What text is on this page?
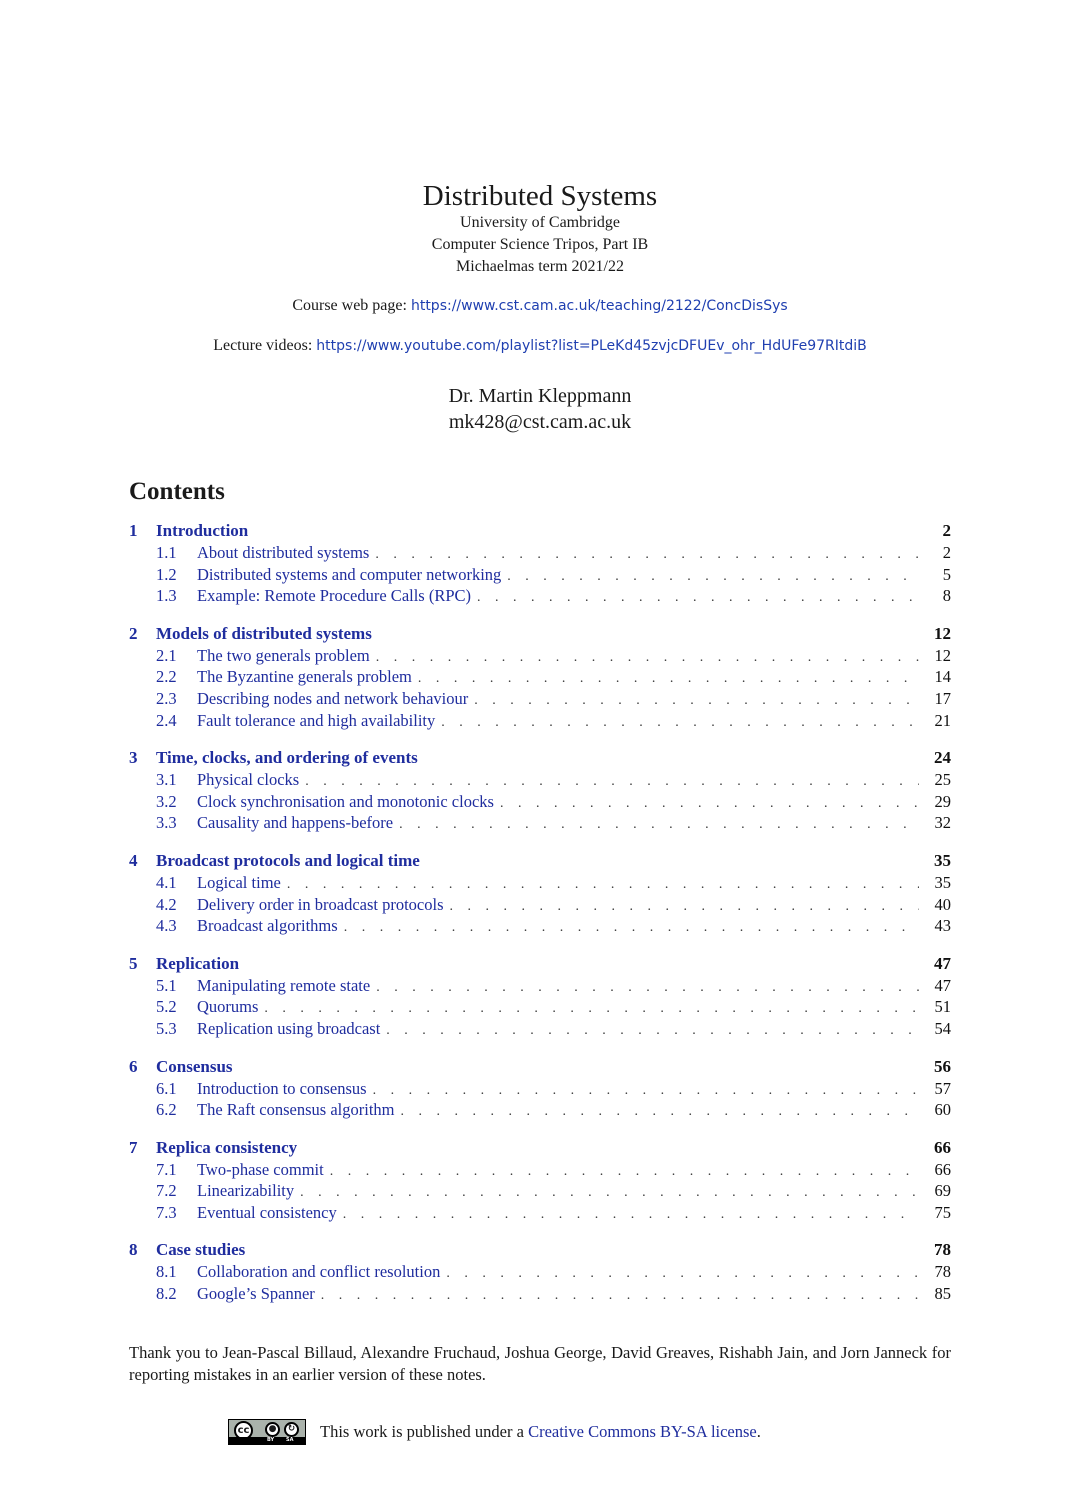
Distributed Systems
University of Cambridge
Computer Science Tripos, Part IB
Michaelmas term 2021/22
Course web page: https://www.cst.cam.ac.uk/teaching/2122/ConcDisSys
Lecture videos: https://www.youtube.com/playlist?list=PLeKd45zvjcDFUEv_ohr_HdUFe97RItdiB
Dr. Martin Kleppmann
mk428@cst.cam.ac.uk
Contents
1	Introduction	2
1.1	About distributed systems . . .	2
1.2	Distributed systems and computer networking . . .	5
1.3	Example: Remote Procedure Calls (RPC) . . .	8
2	Models of distributed systems	12
2.1	The two generals problem . . .	12
2.2	The Byzantine generals problem . . .	14
2.3	Describing nodes and network behaviour . . .	17
2.4	Fault tolerance and high availability . . .	21
3	Time, clocks, and ordering of events	24
3.1	Physical clocks . . .	25
3.2	Clock synchronisation and monotonic clocks . . .	29
3.3	Causality and happens-before . . .	32
4	Broadcast protocols and logical time	35
4.1	Logical time . . .	35
4.2	Delivery order in broadcast protocols . . .	40
4.3	Broadcast algorithms . . .	43
5	Replication	47
5.1	Manipulating remote state . . .	47
5.2	Quorums . . .	51
5.3	Replication using broadcast . . .	54
6	Consensus	56
6.1	Introduction to consensus . . .	57
6.2	The Raft consensus algorithm . . .	60
7	Replica consistency	66
7.1	Two-phase commit . . .	66
7.2	Linearizability . . .	69
7.3	Eventual consistency . . .	75
8	Case studies	78
8.1	Collaboration and conflict resolution . . .	78
8.2	Google’s Spanner . . .	85
Thank you to Jean-Pascal Billaud, Alexandre Fruchaud, Joshua George, David Greaves, Rishabh Jain, and Jorn Janneck for reporting mistakes in an earlier version of these notes.
cc	●	↻
BY SA This work is published under a Creative Commons BY-SA license .
